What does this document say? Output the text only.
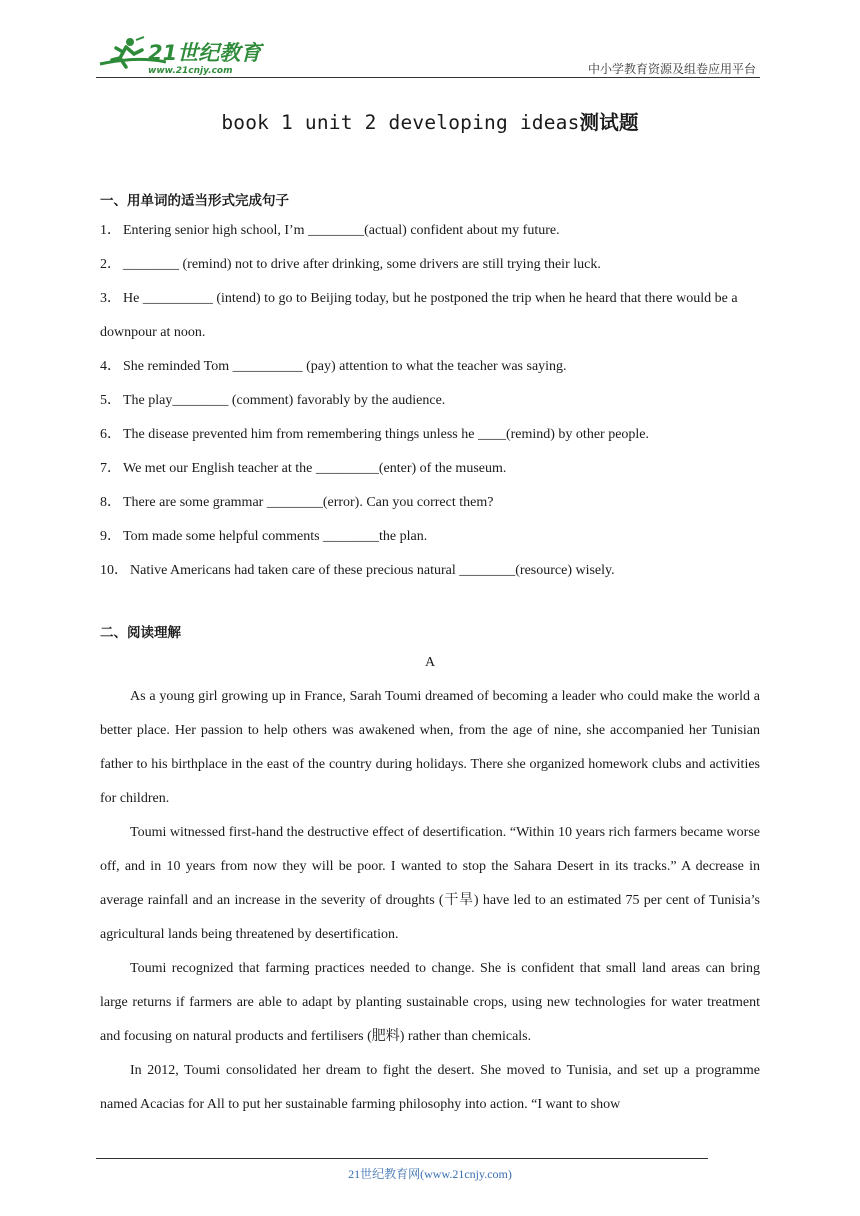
21世纪教育
www.21cnjy.com	中小学教育资源及组卷应用平台
book 1 unit 2 developing ideas测试题
一、用单词的适当形式完成句子
1． Entering senior high school, I’m ________(actual) confident about my future.
2． ________ (remind) not to drive after drinking, some drivers are still trying their luck.
3． He __________ (intend) to go to Beijing today, but he postponed the trip when he heard that there would be a downpour at noon.
4． She reminded Tom __________ (pay) attention to what the teacher was saying.
5． The play________ (comment) favorably by the audience.
6． The disease prevented him from remembering things unless he ____(remind) by other people.
7． We met our English teacher at the _________(enter) of the museum.
8． There are some grammar ________(error). Can you correct them?
9． Tom made some helpful comments ________the plan.
10． Native Americans had taken care of these precious natural ________(resource) wisely.
二、阅读理解
A
As a young girl growing up in France, Sarah Toumi dreamed of becoming a leader who could make the world a better place. Her passion to help others was awakened when, from the age of nine, she accompanied her Tunisian father to his birthplace in the east of the country during holidays. There she organized homework clubs and activities for children.
Toumi witnessed first-hand the destructive effect of desertification. “Within 10 years rich farmers became worse off, and in 10 years from now they will be poor. I wanted to stop the Sahara Desert in its tracks.” A decrease in average rainfall and an increase in the severity of droughts (干旱) have led to an estimated 75 per cent of Tunisia’s agricultural lands being threatened by desertification.
Toumi recognized that farming practices needed to change. She is confident that small land areas can bring large returns if farmers are able to adapt by planting sustainable crops, using new technologies for water treatment and focusing on natural products and fertilisers (肥料) rather than chemicals.
In 2012, Toumi consolidated her dream to fight the desert. She moved to Tunisia, and set up a programme named Acacias for All to put her sustainable farming philosophy into action. “I want to show
21世纪教育网(www.21cnjy.com)
